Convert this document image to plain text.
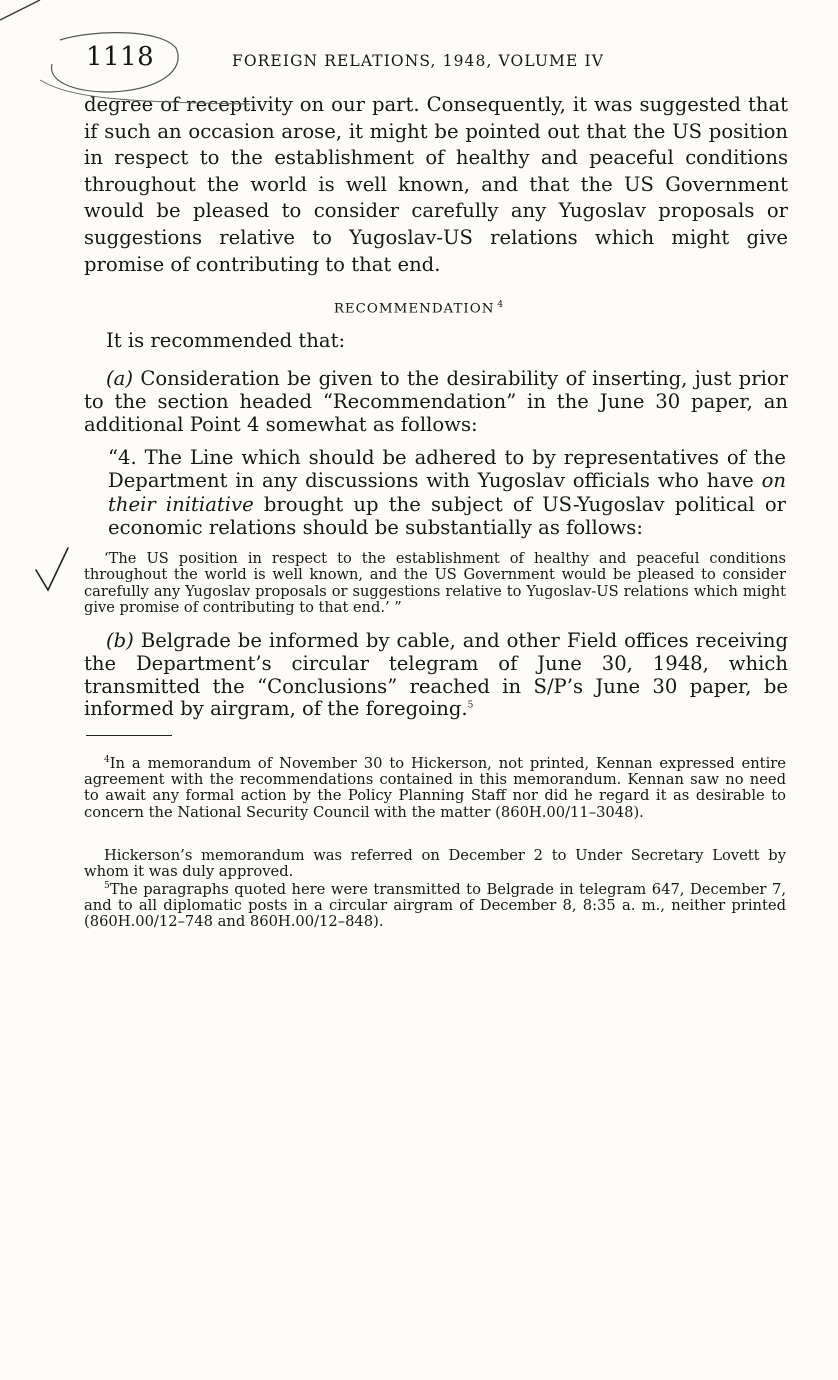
1118	FOREIGN RELATIONS, 1948, VOLUME IV

degree of receptivity on our part. Consequently, it was suggested that if such an occasion arose, it might be pointed out that the US position in respect to the establishment of healthy and peaceful conditions throughout the world is well known, and that the US Government would be pleased to consider carefully any Yugoslav proposals or suggestions relative to Yugoslav-US relations which might give promise of contributing to that end.

RECOMMENDATION $^4$

It is recommended that:

(a) Consideration be given to the desirability of inserting, just prior to the section headed “Recommendation” in the June 30 paper, an additional Point 4 somewhat as follows:

“4. The Line which should be adhered to by representatives of the Department in any discussions with Yugoslav officials who have on their initiative brought up the subject of US-Yugoslav political or economic relations should be substantially as follows:
‘The US position in respect to the establishment of healthy and peaceful conditions throughout the world is well known, and the US Government would be pleased to consider carefully any Yugoslav proposals or suggestions relative to Yugoslav-US relations which might give promise of contributing to that end.’ ”

(b) Belgrade be informed by cable, and other Field offices receiving the Department’s circular telegram of June 30, 1948, which transmitted the “Conclusions” reached in S/P’s June 30 paper, be informed by airgram, of the foregoing.$^5$

$^4$In a memorandum of November 30 to Hickerson, not printed, Kennan expressed entire agreement with the recommendations contained in this memorandum. Kennan saw no need to await any formal action by the Policy Planning Staff nor did he regard it as desirable to concern the National Security Council with the matter (860H.00/11–3048).
Hickerson’s memorandum was referred on December 2 to Under Secretary Lovett by whom it was duly approved.
$^5$The paragraphs quoted here were transmitted to Belgrade in telegram 647, December 7, and to all diplomatic posts in a circular airgram of December 8, 8:35 a. m., neither printed (860H.00/12–748 and 860H.00/12–848).
